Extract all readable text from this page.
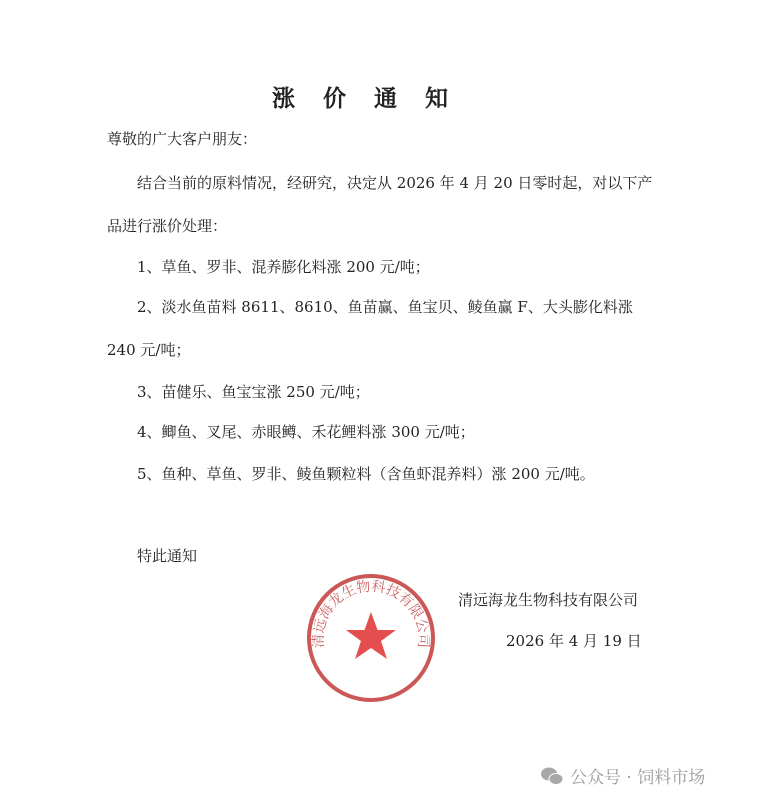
涨 价 通 知
尊敬的广大客户朋友：
结合当前的原料情况，经研究，决定从 2026 年 4 月 20 日零时起，对以下产
品进行涨价处理：
1、草鱼、罗非、混养膨化料涨 200 元/吨；
2、淡水鱼苗料 8611、8610、鱼苗赢、鱼宝贝、鲮鱼赢 F、大头膨化料涨
240 元/吨；
3、苗健乐、鱼宝宝涨 250 元/吨；
4、鲫鱼、叉尾、赤眼鳟、禾花鲤料涨 300 元/吨；
5、鱼种、草鱼、罗非、鲮鱼颗粒料（含鱼虾混养料）涨 200 元/吨。
特此通知
清远海龙生物科技有限公司
清远海龙生物科技有限公司
2026 年 4 月 19 日
公众号 · 饲料市场
